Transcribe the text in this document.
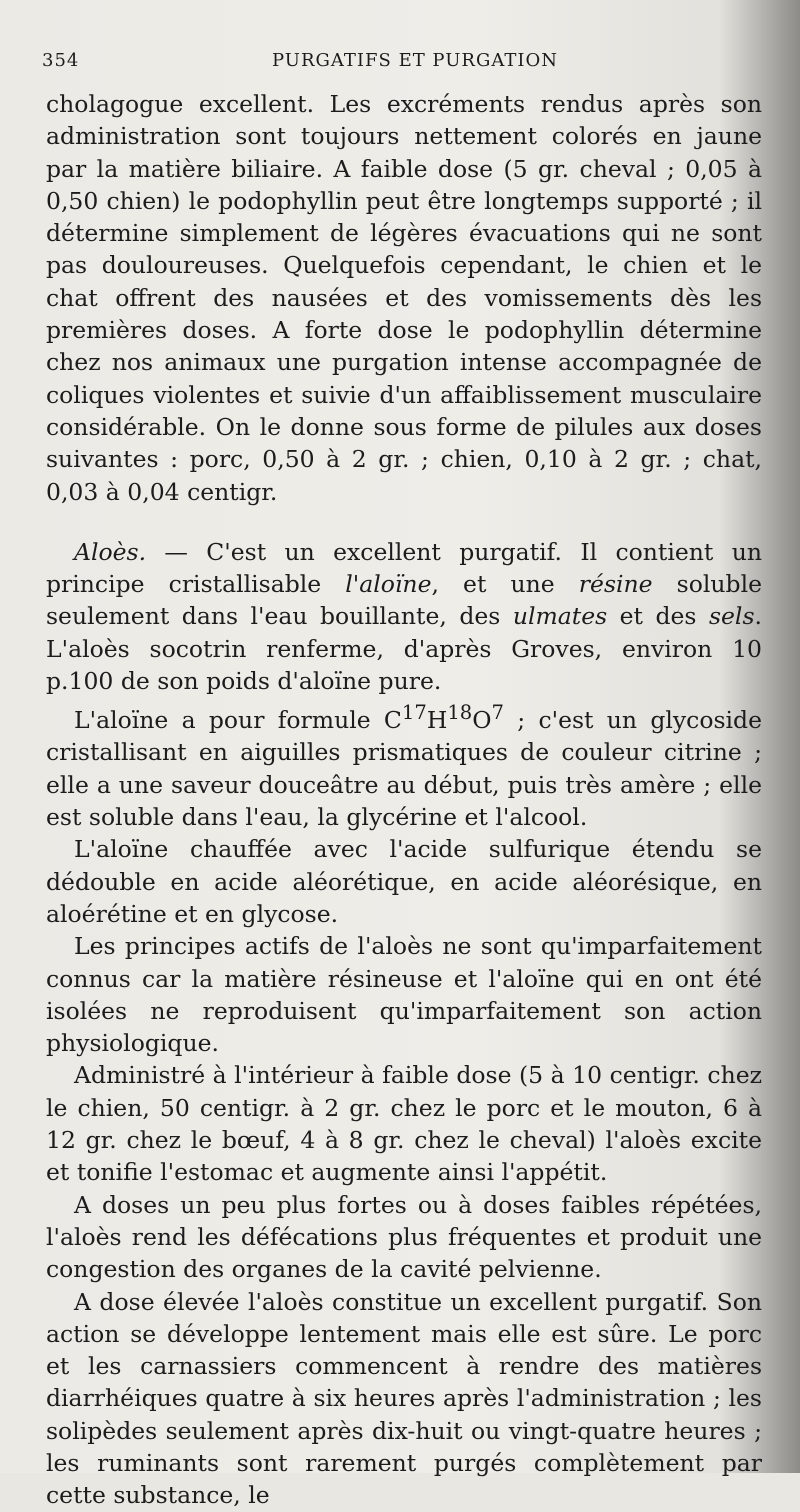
354	PURGATIFS ET PURGATION

cholagogue excellent. Les excréments rendus après son administration sont toujours nettement colorés en jaune par la matière biliaire. A faible dose (5 gr. cheval ; 0,05 à 0,50 chien) le podophyllin peut être longtemps supporté ; il détermine simplement de légères évacuations qui ne sont pas douloureuses. Quelquefois cependant, le chien et le chat offrent des nausées et des vomissements dès les premières doses. A forte dose le podophyllin détermine chez nos animaux une purgation intense accompagnée de coliques violentes et suivie d'un affaiblissement musculaire considérable. On le donne sous forme de pilules aux doses suivantes : porc, 0,50 à 2 gr. ; chien, 0,10 à 2 gr. ; chat, 0,03 à 0,04 centigr.

Aloès. — C'est un excellent purgatif. Il contient un principe cristallisable l'aloïne, et une résine soluble seulement dans l'eau bouillante, des ulmates et des sels. L'aloès socotrin renferme, d'après Groves, environ 10 p.100 de son poids d'aloïne pure.

L'aloïne a pour formule $C^{17}H^{18}O^7$ ; c'est un glycoside cristallisant en aiguilles prismatiques de couleur citrine ; elle a une saveur douceâtre au début, puis très amère ; elle est soluble dans l'eau, la glycérine et l'alcool.

L'aloïne chauffée avec l'acide sulfurique étendu se dédouble en acide aléorétique, en acide aléorésique, en aloérétine et en glycose.

Les principes actifs de l'aloès ne sont qu'imparfaitement connus car la matière résineuse et l'aloïne qui en ont été isolées ne reproduisent qu'imparfaitement son action physiologique.

Administré à l'intérieur à faible dose (5 à 10 centigr. chez le chien, 50 centigr. à 2 gr. chez le porc et le mouton, 6 à 12 gr. chez le bœuf, 4 à 8 gr. chez le cheval) l'aloès excite et tonifie l'estomac et augmente ainsi l'appétit.

A doses un peu plus fortes ou à doses faibles répétées, l'aloès rend les défécations plus fréquentes et produit une congestion des organes de la cavité pelvienne.

A dose élevée l'aloès constitue un excellent purgatif. Son action se développe lentement mais elle est sûre. Le porc et les carnassiers commencent à rendre des matières diarrhéiques quatre à six heures après l'administration ; les solipèdes seulement après dix-huit ou vingt-quatre heures ; les ruminants sont rarement purgés complètement par cette substance, le
